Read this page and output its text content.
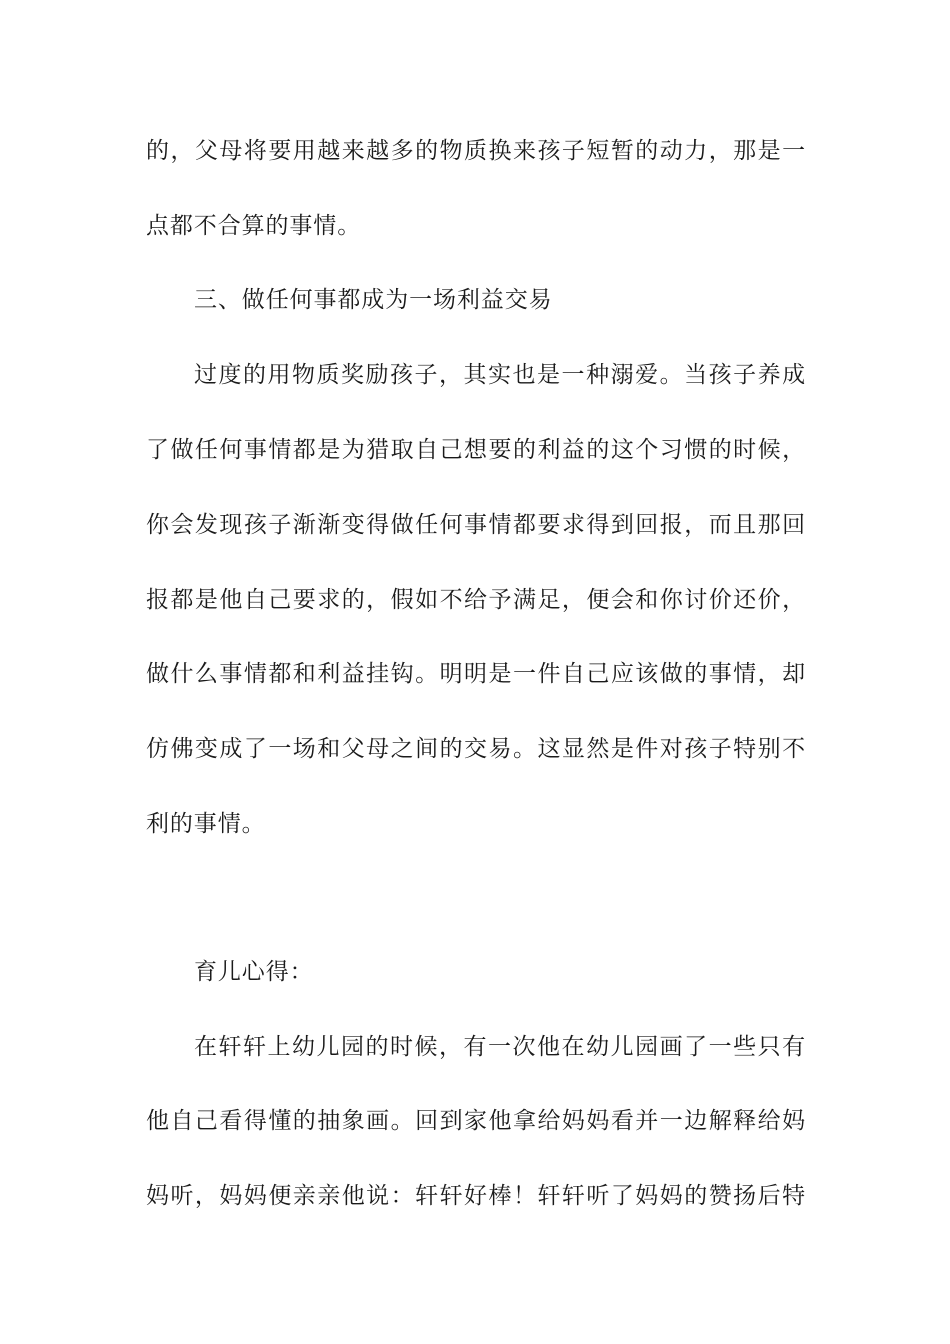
的，父母将要用越来越多的物质换来孩子短暂的动力，那是一
点都不合算的事情。
三、做任何事都成为一场利益交易
过度的用物质奖励孩子，其实也是一种溺爱。当孩子养成
了做任何事情都是为猎取自己想要的利益的这个习惯的时候，
你会发现孩子渐渐变得做任何事情都要求得到回报，而且那回
报都是他自己要求的，假如不给予满足，便会和你讨价还价，
做什么事情都和利益挂钩。明明是一件自己应该做的事情，却
仿佛变成了一场和父母之间的交易。这显然是件对孩子特别不
利的事情。
育儿心得：
在轩轩上幼儿园的时候，有一次他在幼儿园画了一些只有
他自己看得懂的抽象画。回到家他拿给妈妈看并一边解释给妈
妈听，妈妈便亲亲他说：轩轩好棒！轩轩听了妈妈的赞扬后特
